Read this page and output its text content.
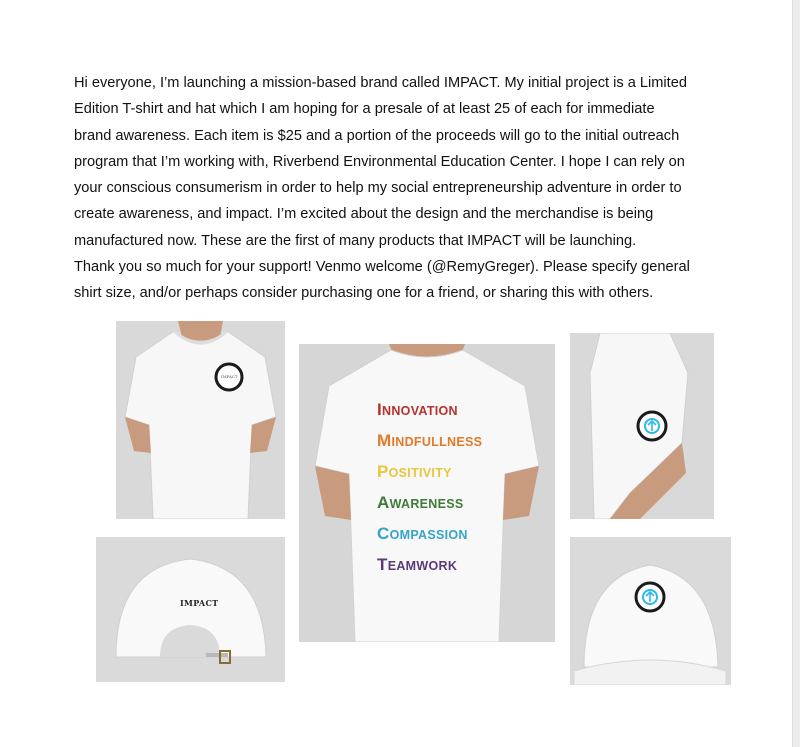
Hi everyone, I’m launching a mission-based brand called IMPACT. My initial project is a Limited
Edition T-shirt and hat which I am hoping for a presale of at least 25 of each for immediate
brand awareness. Each item is $25 and a portion of the proceeds will go to the initial outreach
program that I’m working with, Riverbend Environmental Education Center. I hope I can rely on
your conscious consumerism in order to help my social entrepreneurship adventure in order to
create awareness, and impact. I’m excited about the design and the merchandise is being
manufactured now. These are the first of many products that IMPACT will be launching.
Thank you so much for your support! Venmo welcome (@RemyGreger). Please specify general
shirt size, and/or perhaps consider purchasing one for a friend, or sharing this with others.
IMPACT
INNOVATION
MINDFULLNESS
POSITIVITY
AWARENESS
COMPASSION
TEAMWORK
IMPACT
